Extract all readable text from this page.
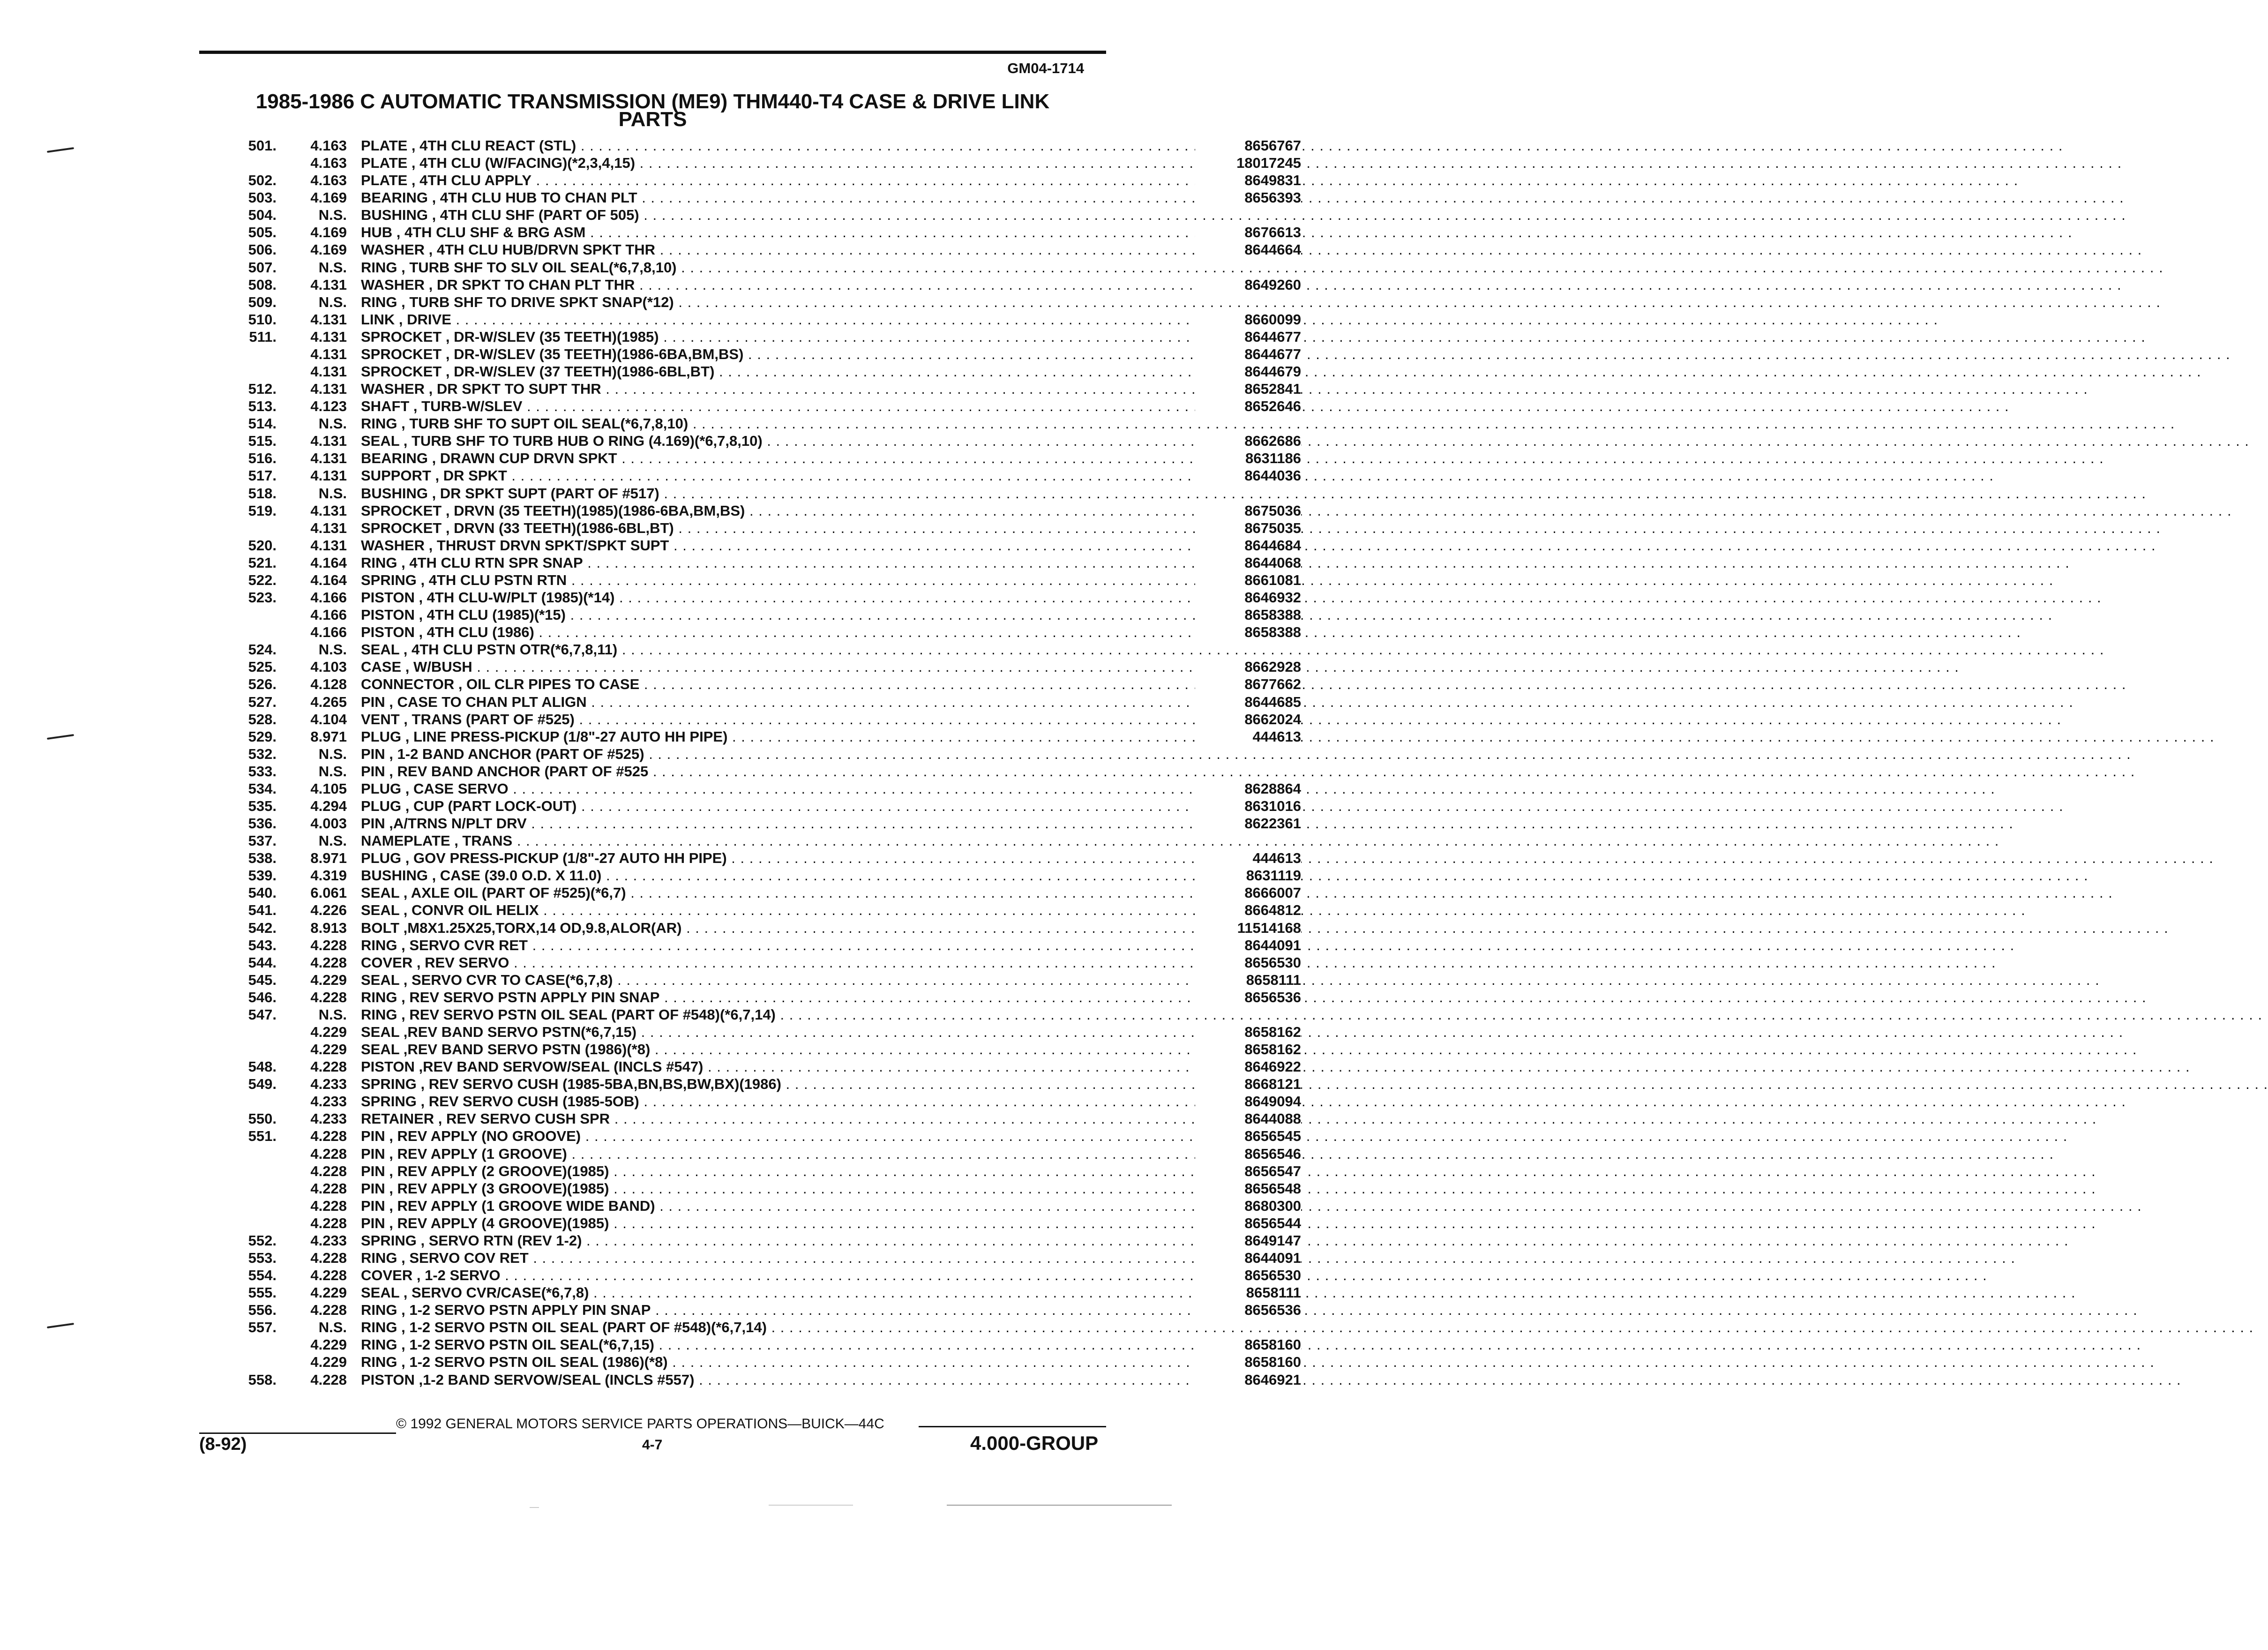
GM04-1714
1985-1986 C AUTOMATIC TRANSMISSION (ME9) THM440-T4 CASE & DRIVE LINK
PARTS
501.	4.163 PLATE , 4TH CLU REACT (STL) . . .	8656767
4.163 PLATE , 4TH CLU (W/FACING)(*2,3,4,15) . . .	18017245
502.	4.163 PLATE , 4TH CLU APPLY . . .	8649831
503.	4.169 BEARING , 4TH CLU HUB TO CHAN PLT . . .	8656393
504.	N.S. BUSHING , 4TH CLU SHF (PART OF 505) . . .
505.	4.169 HUB , 4TH CLU SHF & BRG ASM . . .	8676613
506.	4.169 WASHER , 4TH CLU HUB/DRVN SPKT THR . . .	8644664
507.	N.S. RING , TURB SHF TO SLV OIL SEAL(*6,7,8,10) . . .
508.	4.131 WASHER , DR SPKT TO CHAN PLT THR . . .	8649260
509.	N.S. RING , TURB SHF TO DRIVE SPKT SNAP(*12) . . .
510.	4.131 LINK , DRIVE . . .	8660099
511.	4.131 SPROCKET , DR-W/SLEV (35 TEETH)(1985) . . .	8644677
4.131 SPROCKET , DR-W/SLEV (35 TEETH)(1986-6BA,BM,BS) . . .	8644677
4.131 SPROCKET , DR-W/SLEV (37 TEETH)(1986-6BL,BT) . . .	8644679
512.	4.131 WASHER , DR SPKT TO SUPT THR . . .	8652841
513.	4.123 SHAFT , TURB-W/SLEV . . .	8652646
514.	N.S. RING , TURB SHF TO SUPT OIL SEAL(*6,7,8,10) . . .
515.	4.131 SEAL , TURB SHF TO TURB HUB O RING (4.169)(*6,7,8,10) . . .	8662686
516.	4.131 BEARING , DRAWN CUP DRVN SPKT . . .	8631186
517.	4.131 SUPPORT , DR SPKT . . .	8644036
518.	N.S. BUSHING , DR SPKT SUPT (PART OF #517) . . .
519.	4.131 SPROCKET , DRVN (35 TEETH)(1985)(1986-6BA,BM,BS) . . .	8675036
4.131 SPROCKET , DRVN (33 TEETH)(1986-6BL,BT) . . .	8675035
520.	4.131 WASHER , THRUST DRVN SPKT/SPKT SUPT . . .	8644684
521.	4.164 RING , 4TH CLU RTN SPR SNAP . . .	8644068
522.	4.164 SPRING , 4TH CLU PSTN RTN . . .	8661081
523.	4.166 PISTON , 4TH CLU-W/PLT (1985)(*14) . . .	8646932
4.166 PISTON , 4TH CLU (1985)(*15) . . .	8658388
4.166 PISTON , 4TH CLU (1986) . . .	8658388
524.	N.S. SEAL , 4TH CLU PSTN OTR(*6,7,8,11) . . .
525.	4.103 CASE , W/BUSH . . .	8662928
526.	4.128 CONNECTOR , OIL CLR PIPES TO CASE . . .	8677662
527.	4.265 PIN , CASE TO CHAN PLT ALIGN . . .	8644685
528.	4.104 VENT , TRANS (PART OF #525) . . .	8662024
529.	8.971 PLUG , LINE PRESS-PICKUP (1/8"-27 AUTO HH PIPE) . . .	444613
532.	N.S. PIN , 1-2 BAND ANCHOR (PART OF #525) . . .
533.	N.S. PIN , REV BAND ANCHOR (PART OF #525 . . .
534.	4.105 PLUG , CASE SERVO . . .	8628864
535.	4.294 PLUG , CUP (PART LOCK-OUT) . . .	8631016
536.	4.003 PIN ,A/TRNS N/PLT DRV . . .	8622361
537.	N.S. NAMEPLATE , TRANS . . .
538.	8.971 PLUG , GOV PRESS-PICKUP (1/8"-27 AUTO HH PIPE) . . .	444613
539.	4.319 BUSHING , CASE (39.0 O.D. X 11.0) . . .	8631119
540.	6.061 SEAL , AXLE OIL (PART OF #525)(*6,7) . . .	8666007
541.	4.226 SEAL , CONVR OIL HELIX . . .	8664812
542.	8.913 BOLT ,M8X1.25X25,TORX,14 OD,9.8,ALOR(AR) . . .	11514168
543.	4.228 RING , SERVO CVR RET . . .	8644091
544.	4.228 COVER , REV SERVO . . .	8656530
545.	4.229 SEAL , SERVO CVR TO CASE(*6,7,8) . . .	8658111
546.	4.228 RING , REV SERVO PSTN APPLY PIN SNAP . . .	8656536
547.	N.S. RING , REV SERVO PSTN OIL SEAL (PART OF #548)(*6,7,14) . . .
4.229 SEAL ,REV BAND SERVO PSTN(*6,7,15) . . .	8658162
4.229 SEAL ,REV BAND SERVO PSTN (1986)(*8) . . .	8658162
548.	4.228 PISTON ,REV BAND SERVOW/SEAL (INCLS #547) . . .	8646922
549.	4.233 SPRING , REV SERVO CUSH (1985-5BA,BN,BS,BW,BX)(1986) . . .	8668121
4.233 SPRING , REV SERVO CUSH (1985-5OB) . . .	8649094
550.	4.233 RETAINER , REV SERVO CUSH SPR . . .	8644088
551.	4.228 PIN , REV APPLY (NO GROOVE) . . .	8656545
4.228 PIN , REV APPLY (1 GROOVE) . . .	8656546
4.228 PIN , REV APPLY (2 GROOVE)(1985) . . .	8656547
4.228 PIN , REV APPLY (3 GROOVE)(1985) . . .	8656548
4.228 PIN , REV APPLY (1 GROOVE WIDE BAND) . . .	8680300
4.228 PIN , REV APPLY (4 GROOVE)(1985) . . .	8656544
552.	4.233 SPRING , SERVO RTN (REV 1-2) . . .	8649147
553.	4.228 RING , SERVO COV RET . . .	8644091
554.	4.228 COVER , 1-2 SERVO . . .	8656530
555.	4.229 SEAL , SERVO CVR/CASE(*6,7,8) . . .	8658111
556.	4.228 RING , 1-2 SERVO PSTN APPLY PIN SNAP . . .	8656536
557.	N.S. RING , 1-2 SERVO PSTN OIL SEAL (PART OF #548)(*6,7,14) . . .
4.229 RING , 1-2 SERVO PSTN OIL SEAL(*6,7,15) . . .	8658160
4.229 RING , 1-2 SERVO PSTN OIL SEAL (1986)(*8) . . .	8658160
558.	4.228 PISTON ,1-2 BAND SERVOW/SEAL (INCLS #557) . . .	8646921
© 1992 GENERAL MOTORS SERVICE PARTS OPERATIONS—BUICK—44C
(8-92)	4-7	4.000-GROUP
